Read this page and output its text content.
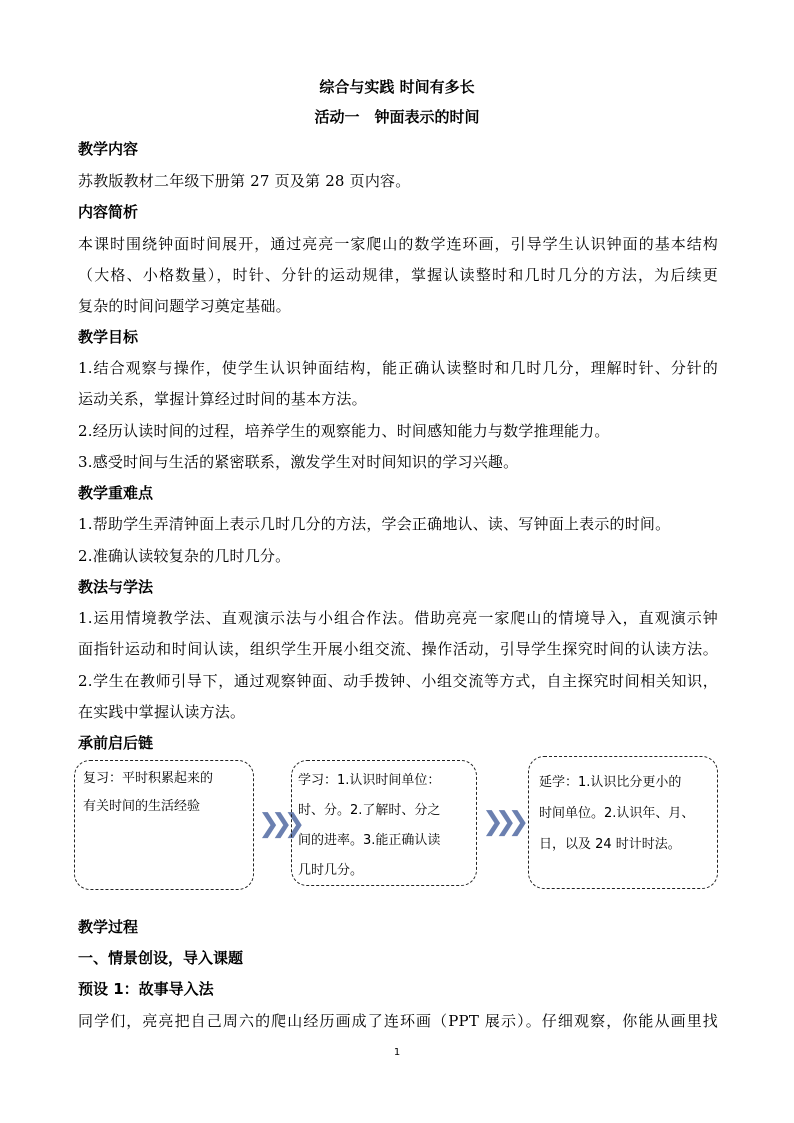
综合与实践 时间有多长
活动一　钟面表示的时间
教学内容
苏教版教材二年级下册第 27 页及第 28 页内容。
内容简析
本课时围绕钟面时间展开，通过亮亮一家爬山的数学连环画，引导学生认识钟面的基本结构
（大格、小格数量），时针、分针的运动规律，掌握认读整时和几时几分的方法，为后续更
复杂的时间问题学习奠定基础。
教学目标
1.结合观察与操作，使学生认识钟面结构，能正确认读整时和几时几分，理解时针、分针的
运动关系，掌握计算经过时间的基本方法。
2.经历认读时间的过程，培养学生的观察能力、时间感知能力与数学推理能力。
3.感受时间与生活的紧密联系，激发学生对时间知识的学习兴趣。
教学重难点
1.帮助学生弄清钟面上表示几时几分的方法，学会正确地认、读、写钟面上表示的时间。
2.准确认读较复杂的几时几分。
教法与学法
1.运用情境教学法、直观演示法与小组合作法。借助亮亮一家爬山的情境导入，直观演示钟
面指针运动和时间认读，组织学生开展小组交流、操作活动，引导学生探究时间的认读方法。
2.学生在教师引导下，通过观察钟面、动手拨钟、小组交流等方式，自主探究时间相关知识，
在实践中掌握认读方法。
承前启后链
复习：平时积累起来的
有关时间的生活经验
❯❯❯
学习：1.认识时间单位：
时、分。2.了解时、分之
间的进率。3.能正确认读
几时几分。
❯❯❯
延学：1.认识比分更小的
时间单位。2.认识年、月、
日，以及 24 时计时法。
教学过程
一、情景创设，导入课题
预设 1：故事导入法
同学们，亮亮把自己周六的爬山经历画成了连环画（PPT 展示）。仔细观察，你能从画里找
1
